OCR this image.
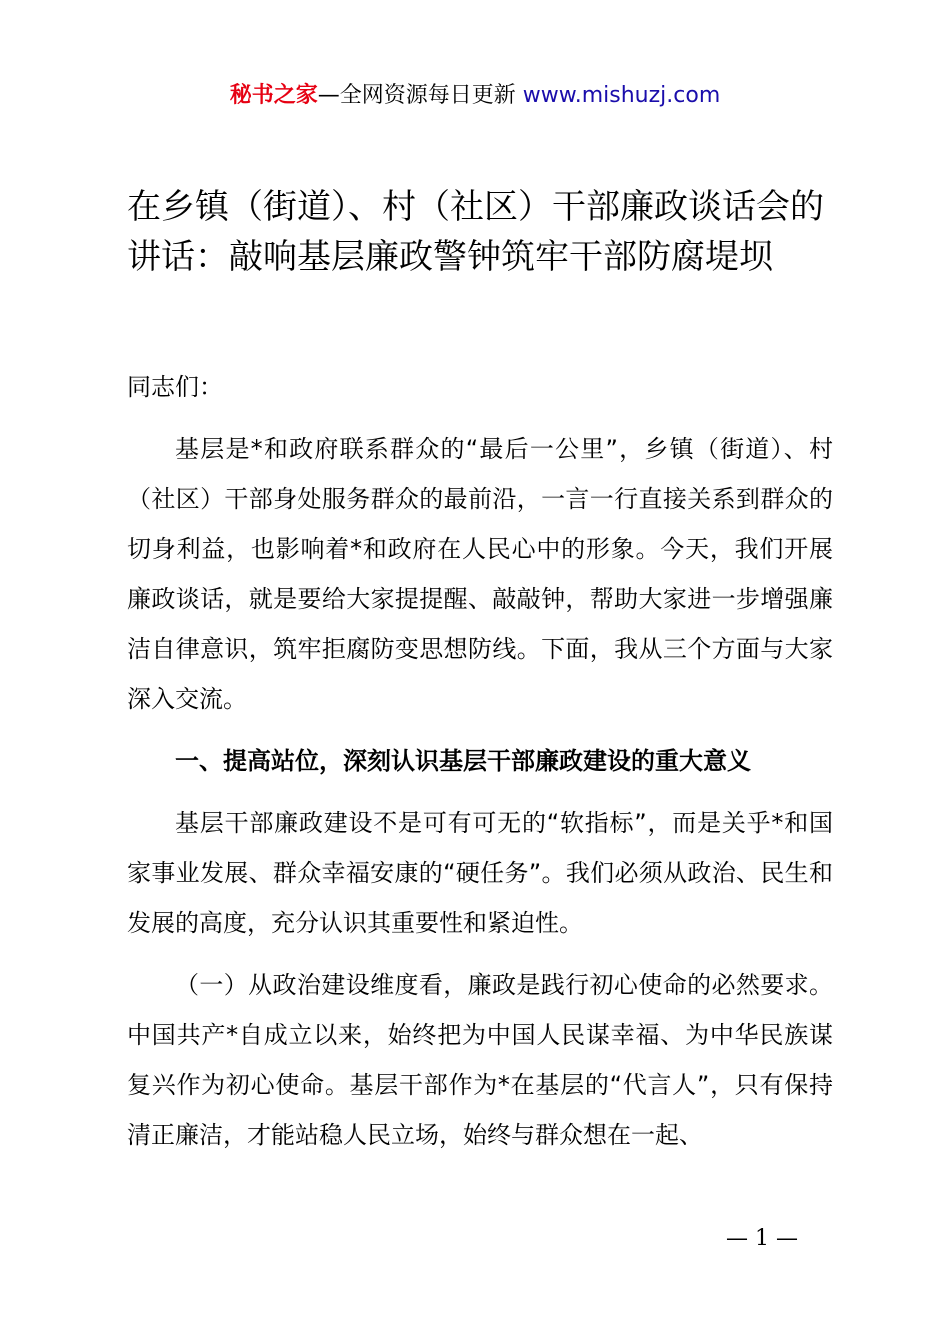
秘书之家—全网资源每日更新 www.mishuzj.com
在乡镇（街道）、村（社区）干部廉政谈话会的讲话：敲响基层廉政警钟筑牢干部防腐堤坝

同志们：

基层是*和政府联系群众的“最后一公里”，乡镇（街道）、村（社区）干部身处服务群众的最前沿，一言一行直接关系到群众的切身利益，也影响着*和政府在人民心中的形象。今天，我们开展廉政谈话，就是要给大家提提醒、敲敲钟，帮助大家进一步增强廉洁自律意识，筑牢拒腐防变思想防线。下面，我从三个方面与大家深入交流。

一、提高站位，深刻认识基层干部廉政建设的重大意义

基层干部廉政建设不是可有可无的“软指标”，而是关乎*和国家事业发展、群众幸福安康的“硬任务”。我们必须从政治、民生和发展的高度，充分认识其重要性和紧迫性。

（一）从政治建设维度看，廉政是践行初心使命的必然要求。中国共产*自成立以来，始终把为中国人民谋幸福、为中华民族谋复兴作为初心使命。基层干部作为*在基层的“代言人”，只有保持清正廉洁，才能站稳人民立场，始终与群众想在一起、

— 1 —
